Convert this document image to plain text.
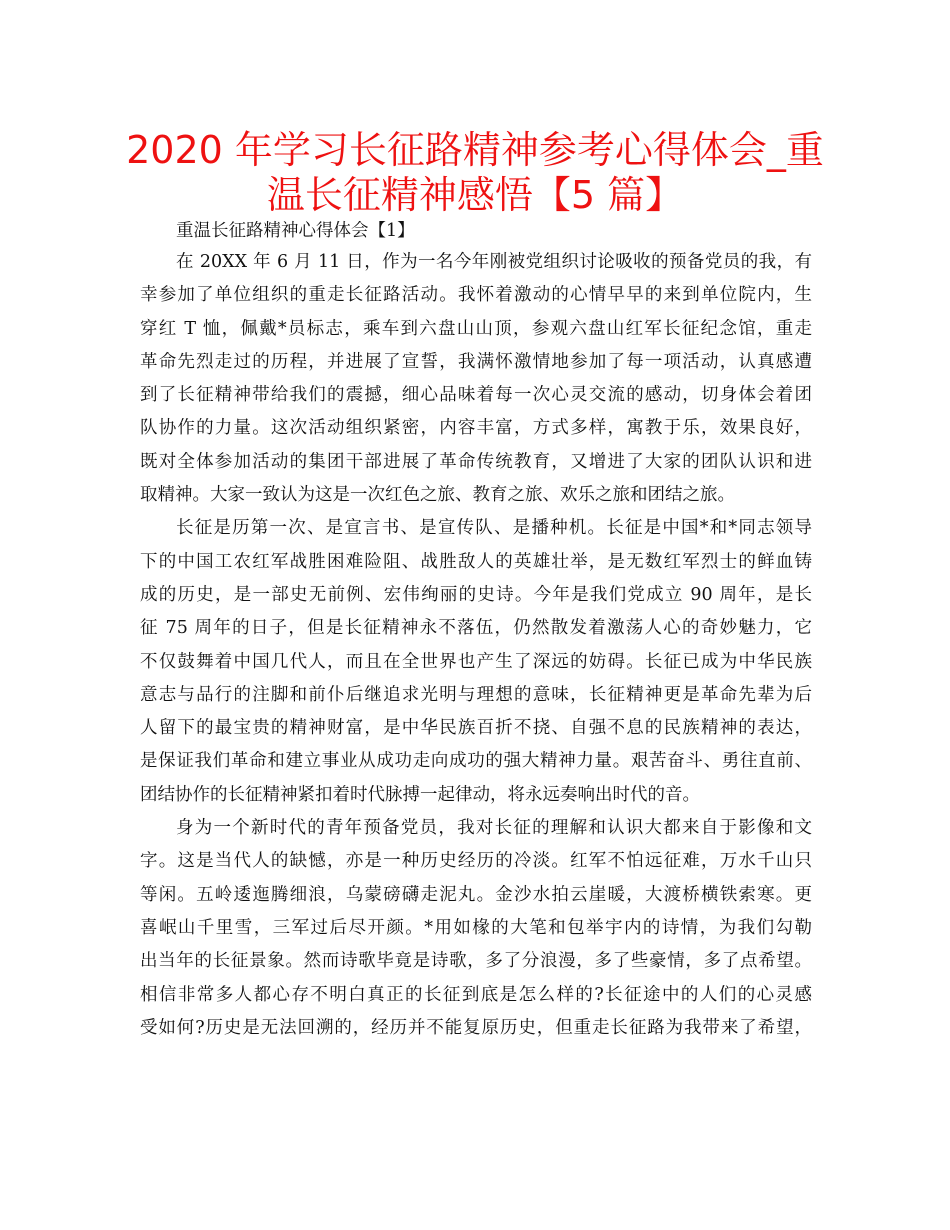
2020 年学习长征路精神参考心得体会_重
温长征精神感悟【5 篇】

重温长征路精神心得体会【1】

在 20XX 年 6 月 11 日，作为一名今年刚被党组织讨论吸收的预备党员的我，有
幸参加了单位组织的重走长征路活动。我怀着激动的心情早早的来到单位院内，生
穿红 T 恤，佩戴*员标志，乘车到六盘山山顶，参观六盘山红军长征纪念馆，重走
革命先烈走过的历程，并进展了宣誓，我满怀激情地参加了每一项活动，认真感遭
到了长征精神带给我们的震撼，细心品味着每一次心灵交流的感动，切身体会着团
队协作的力量。这次活动组织紧密，内容丰富，方式多样，寓教于乐，效果良好，
既对全体参加活动的集团干部进展了革命传统教育，又增进了大家的团队认识和进
取精神。大家一致认为这是一次红色之旅、教育之旅、欢乐之旅和团结之旅。
长征是历第一次、是宣言书、是宣传队、是播种机。长征是中国*和*同志领导
下的中国工农红军战胜困难险阻、战胜敌人的英雄壮举，是无数红军烈士的鲜血铸
成的历史，是一部史无前例、宏伟绚丽的史诗。今年是我们党成立 90 周年，是长
征 75 周年的日子，但是长征精神永不落伍，仍然散发着激荡人心的奇妙魅力，它
不仅鼓舞着中国几代人，而且在全世界也产生了深远的妨碍。长征已成为中华民族
意志与品行的注脚和前仆后继追求光明与理想的意味，长征精神更是革命先辈为后
人留下的最宝贵的精神财富，是中华民族百折不挠、自强不息的民族精神的表达，
是保证我们革命和建立事业从成功走向成功的强大精神力量。艰苦奋斗、勇往直前、
团结协作的长征精神紧扣着时代脉搏一起律动，将永远奏响出时代的音。
身为一个新时代的青年预备党员，我对长征的理解和认识大都来自于影像和文
字。这是当代人的缺憾，亦是一种历史经历的冷淡。红军不怕远征难，万水千山只
等闲。五岭逶迤腾细浪，乌蒙磅礴走泥丸。金沙水拍云崖暖，大渡桥横铁索寒。更
喜岷山千里雪，三军过后尽开颜。*用如椽的大笔和包举宇内的诗情，为我们勾勒
出当年的长征景象。然而诗歌毕竟是诗歌，多了分浪漫，多了些豪情，多了点希望。
相信非常多人都心存不明白真正的长征到底是怎么样的?长征途中的人们的心灵感
受如何?历史是无法回溯的，经历并不能复原历史，但重走长征路为我带来了希望，
